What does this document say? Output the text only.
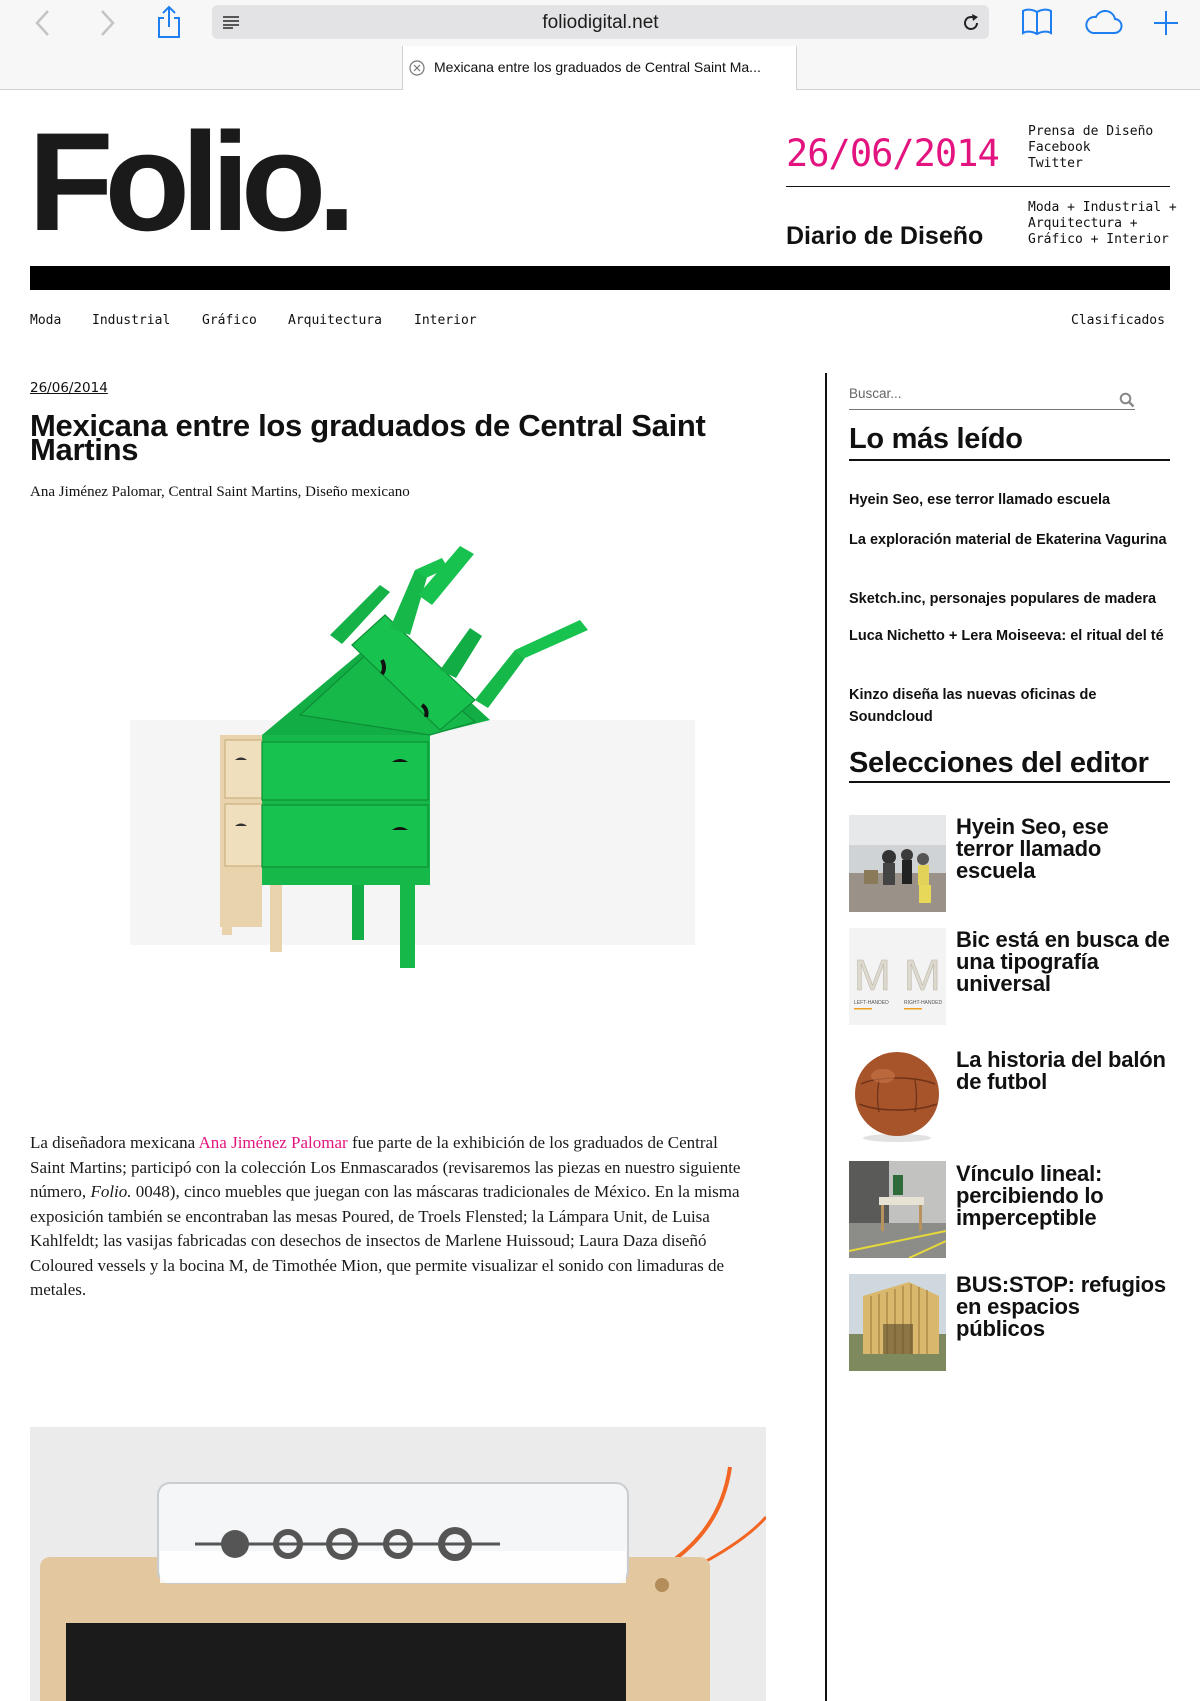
foliodigital.net
Mexicana entre los graduados de Central Saint Ma...
Folio.	26/06/2014
Prensa de Diseño
Facebook
Twitter
Diario de Diseño
Moda + Industrial +
Arquitectura +
Gráfico + Interior
Moda Industrial Gráfico Arquitectura Interior	Clasificados
26/06/2014
Mexicana entre los graduados de Central Saint Martins
Ana Jiménez Palomar, Central Saint Martins, Diseño mexicano

La diseñadora mexicana Ana Jiménez Palomar fue parte de la exhibición de los graduados de Central Saint Martins; participó con la colección Los Enmascarados (revisaremos las piezas en nuestro siguiente número, Folio. 0048), cinco muebles que juegan con las máscaras tradicionales de México. En la misma exposición también se encontraban las mesas Poured, de Troels Flensted; la Lámpara Unit, de Luisa Kahlfeldt; las vasijas fabricadas con desechos de insectos de Marlene Huissoud; Laura Daza diseñó Coloured vessels y la bocina M, de Timothée Mion, que permite visualizar el sonido con limaduras de metales.

Buscar...
Lo más leído
Hyein Seo, ese terror llamado escuela
La exploración material de Ekaterina Vagurina
Sketch.inc, personajes populares de madera
Luca Nichetto + Lera Moiseeva: el ritual del té
Kinzo diseña las nuevas oficinas de Soundcloud
Selecciones del editor
Hyein Seo, ese terror llamado escuela
M M
LEFT-HANDED	RIGHT-HANDED
Bic está en busca de una tipografía universal
La historia del balón de futbol
Vínculo lineal: percibiendo lo imperceptible
BUS:STOP: refugios en espacios públicos
